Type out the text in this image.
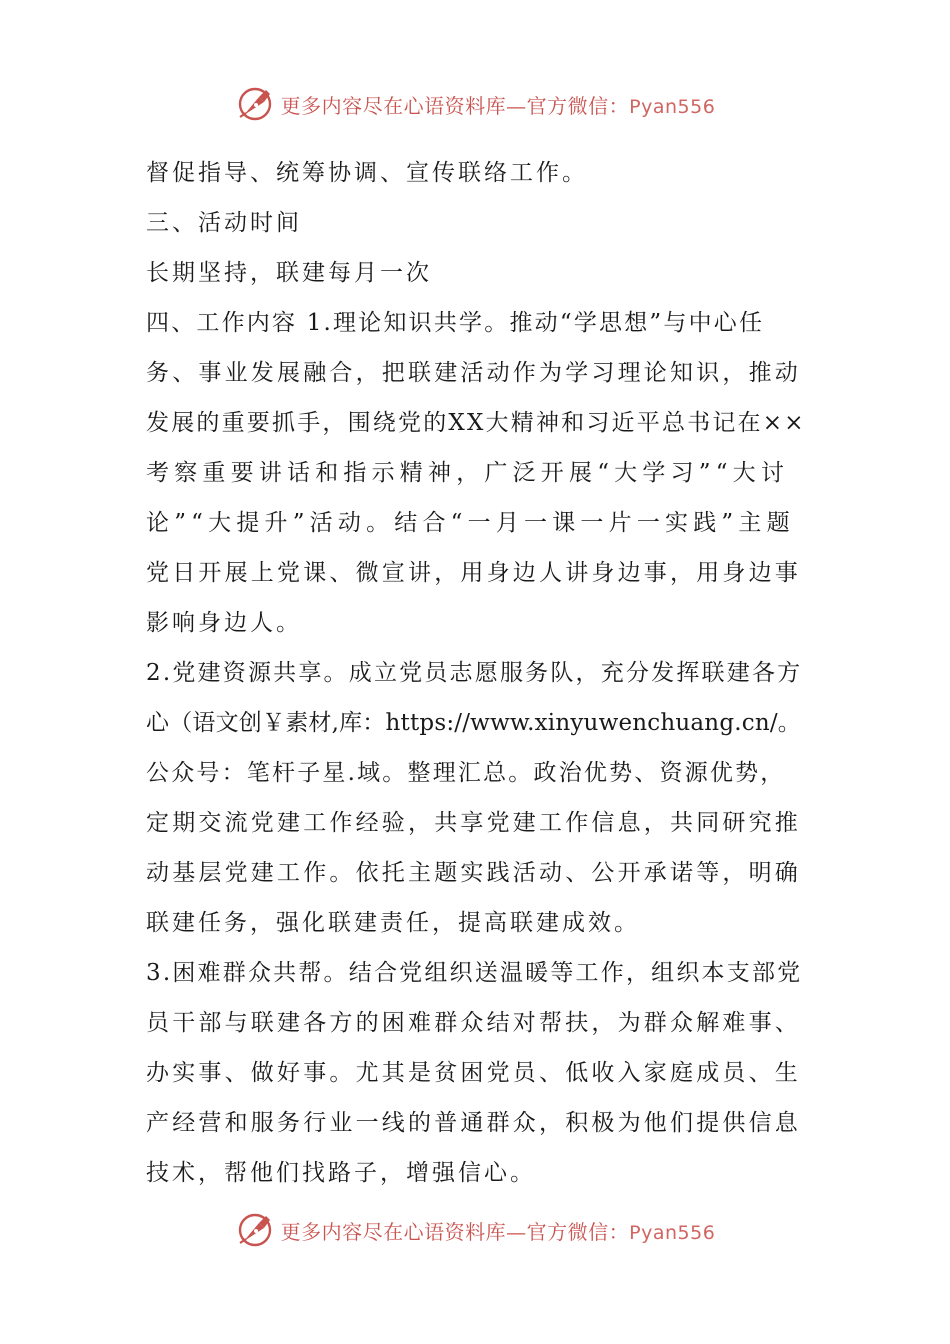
更多内容尽在心语资料库—官方微信：Pyan556
督促指导、统筹协调、宣传联络工作。
三、活动时间
长期坚持，联建每月一次
四、工作内容 1.理论知识共学。推动“学思想”与中心任
务、事业发展融合，把联建活动作为学习理论知识，推动
发展的重要抓手，围绕党的XX大精神和习近平总书记在××
考察重要讲话和指示精神，广泛开展“大学习”“大讨
论”“大提升”活动。结合“一月一课一片一实践”主题
党日开展上党课、微宣讲，用身边人讲身边事，用身边事
影响身边人。
2.党建资源共享。成立党员志愿服务队，充分发挥联建各方
心（语文创￥素材,库：https://www.xinyuwenchuang.cn/。
公众号：笔杆子星.域。整理汇总。政治优势、资源优势，
定期交流党建工作经验，共享党建工作信息，共同研究推
动基层党建工作。依托主题实践活动、公开承诺等，明确
联建任务，强化联建责任，提高联建成效。
3.困难群众共帮。结合党组织送温暖等工作，组织本支部党
员干部与联建各方的困难群众结对帮扶，为群众解难事、
办实事、做好事。尤其是贫困党员、低收入家庭成员、生
产经营和服务行业一线的普通群众，积极为他们提供信息
技术，帮他们找路子，增强信心。
更多内容尽在心语资料库—官方微信：Pyan556
